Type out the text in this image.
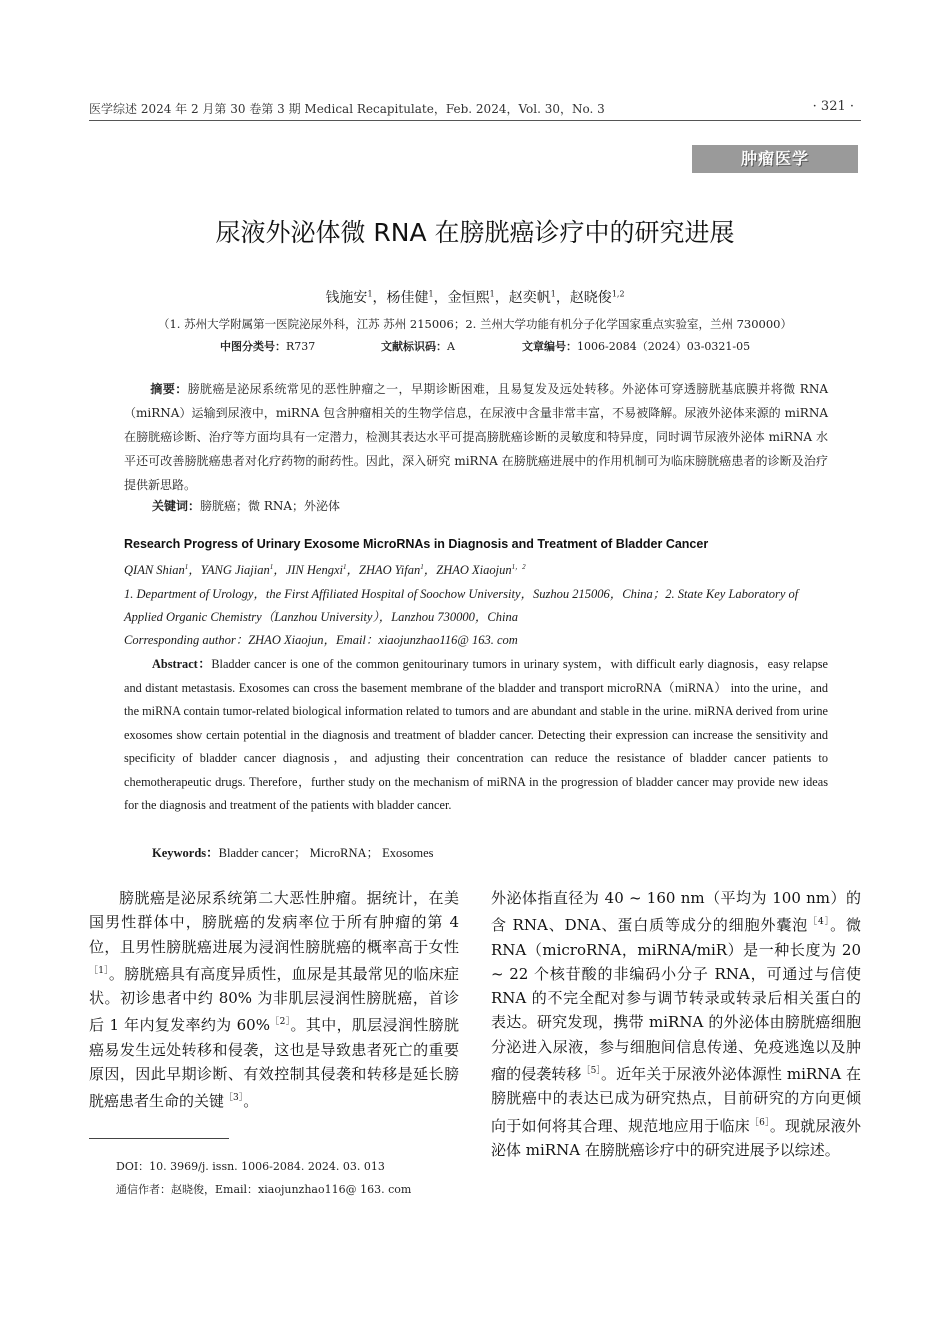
医学综述 2024 年 2 月第 30 卷第 3 期 Medical Recapitulate，Feb. 2024，Vol. 30，No. 3	· 321 ·
肿瘤医学
尿液外泌体微 RNA 在膀胱癌诊疗中的研究进展
钱施安$^1$，杨佳健$^1$，金恒熙$^1$，赵奕帆$^1$，赵晓俊$^{1,2}$
（1. 苏州大学附属第一医院泌尿外科，江苏 苏州 215006；2. 兰州大学功能有机分子化学国家重点实验室，兰州 730000）
中图分类号：R737	文献标识码：A	文章编号：1006-2084（2024）03-0321-05
摘要：膀胱癌是泌尿系统常见的恶性肿瘤之一，早期诊断困难，且易复发及远处转移。外泌体可穿透膀胱基底膜并将微 RNA（miRNA）运输到尿液中，miRNA 包含肿瘤相关的生物学信息，在尿液中含量非常丰富，不易被降解。尿液外泌体来源的 miRNA 在膀胱癌诊断、治疗等方面均具有一定潜力，检测其表达水平可提高膀胱癌诊断的灵敏度和特异度，同时调节尿液外泌体 miRNA 水平还可改善膀胱癌患者对化疗药物的耐药性。因此，深入研究 miRNA 在膀胱癌进展中的作用机制可为临床膀胱癌患者的诊断及治疗提供新思路。
关键词：膀胱癌；微 RNA；外泌体
Research Progress of Urinary Exosome MicroRNAs in Diagnosis and Treatment of Bladder Cancer
QIAN Shian$^1$，YANG Jiajian$^1$，JIN Hengxi$^1$，ZHAO Yifan$^1$，ZHAO Xiaojun$^{1,2}$
1. Department of Urology，the First Affiliated Hospital of Soochow University，Suzhou 215006，China；2. State Key Laboratory of Applied Organic Chemistry（Lanzhou University），Lanzhou 730000，China
Corresponding author：ZHAO Xiaojun，Email：xiaojunzhao116@ 163. com
Abstract：Bladder cancer is one of the common genitourinary tumors in urinary system，with difficult early diagnosis，easy relapse and distant metastasis. Exosomes can cross the basement membrane of the bladder and transport microRNA（miRNA） into the urine，and the miRNA contain tumor-related biological information related to tumors and are abundant and stable in the urine. miRNA derived from urine exosomes show certain potential in the diagnosis and treatment of bladder cancer. Detecting their expression can increase the sensitivity and specificity of bladder cancer diagnosis，and adjusting their concentration can reduce the resistance of bladder cancer patients to chemotherapeutic drugs. Therefore，further study on the mechanism of miRNA in the progression of bladder cancer may provide new ideas for the diagnosis and treatment of the patients with bladder cancer.
Keywords：Bladder cancer； MicroRNA； Exosomes
膀胱癌是泌尿系统第二大恶性肿瘤。据统计，在美国男性群体中，膀胱癌的发病率位于所有肿瘤的第 4 位，且男性膀胱癌进展为浸润性膀胱癌的概率高于女性$^{[1]}$。膀胱癌具有高度异质性，血尿是其最常见的临床症状。初诊患者中约 80% 为非肌层浸润性膀胱癌，首诊后 1 年内复发率约为 60%$^{[2]}$。其中，肌层浸润性膀胱癌易发生远处转移和侵袭，这也是导致患者死亡的重要原因，因此早期诊断、有效控制其侵袭和转移是延长膀胱癌患者生命的关键$^{[3]}$。
外泌体指直径为 40 ~ 160 nm（平均为 100 nm）的含 RNA、DNA、蛋白质等成分的细胞外囊泡$^{[4]}$。微 RNA（microRNA，miRNA/miR）是一种长度为 20 ~ 22 个核苷酸的非编码小分子 RNA，可通过与信使 RNA 的不完全配对参与调节转录或转录后相关蛋白的表达。研究发现，携带 miRNA 的外泌体由膀胱癌细胞分泌进入尿液，参与细胞间信息传递、免疫逃逸以及肿瘤的侵袭转移$^{[5]}$。近年关于尿液外泌体源性 miRNA 在膀胱癌中的表达已成为研究热点，目前研究的方向更倾向于如何将其合理、规范地应用于临床$^{[6]}$。现就尿液外泌体 miRNA 在膀胱癌诊疗中的研究进展予以综述。
DOI：10. 3969/j. issn. 1006-2084. 2024. 03. 013
通信作者：赵晓俊，Email：xiaojunzhao116@ 163. com
